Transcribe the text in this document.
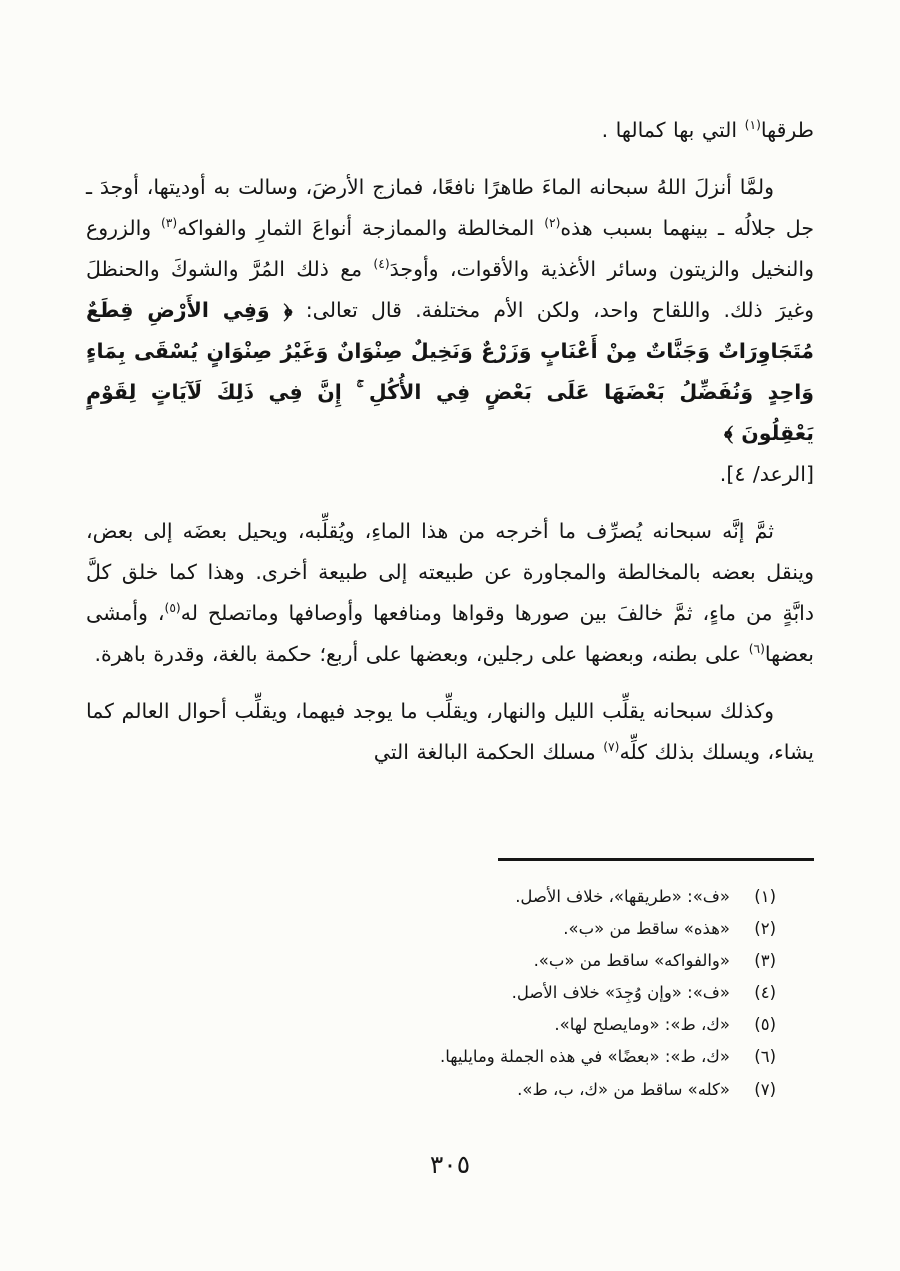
طرقها$^{(١)}$ التي بها كمالها .

ولمَّا أنزلَ اللهُ سبحانه الماءَ طاهرًا نافعًا، فمازج الأرضَ، وسالت به أوديتها، أوجدَ ـ جل جلالُه ـ بينهما بسبب هذه$^{(٢)}$ المخالطة والممازجة أنواعَ الثمارِ والفواكه$^{(٣)}$ والزروع والنخيل والزيتون وسائر الأغذية والأقوات، وأوجدَ$^{(٤)}$ مع ذلك المُرَّ والشوكَ والحنظلَ وغيرَ ذلك. واللقاح واحد، ولكن الأم مختلفة. قال تعالى: ﴿ وَفِي الأَرْضِ قِطَعٌ مُتَجَاوِرَاتٌ وَجَنَّاتٌ مِنْ أَعْنَابٍ وَزَرْعٌ وَنَخِيلٌ صِنْوَانٌ وَغَيْرُ صِنْوَانٍ يُسْقَى بِمَاءٍ وَاحِدٍ وَنُفَضِّلُ بَعْضَهَا عَلَى بَعْضٍ فِي الأُكُلِ ۚ إِنَّ فِي ذَلِكَ لَآيَاتٍ لِقَوْمٍ يَعْقِلُونَ ﴾
[الرعد/ ٤].

ثمَّ إنَّه سبحانه يُصرِّف ما أخرجه من هذا الماءِ، ويُقلِّبه، ويحيل بعضَه إلى بعض، وينقل بعضه بالمخالطة والمجاورة عن طبيعته إلى طبيعة أخرى. وهذا كما خلق كلَّ دابَّةٍ من ماءٍ، ثمَّ خالفَ بين صورها وقواها ومنافعها وأوصافها وماتصلح له$^{(٥)}$، وأمشى بعضها$^{(٦)}$ على بطنه، وبعضها على رجلين، وبعضها على أربع؛ حكمة بالغة، وقدرة باهرة.

وكذلك سبحانه يقلِّب الليل والنهار، ويقلِّب ما يوجد فيهما، ويقلِّب أحوال العالم كما يشاء، ويسلك بذلك كلِّه$^{(٧)}$ مسلك الحكمة البالغة التي

(١)
«ف»: «طريقها»، خلاف الأصل.
(٢)
«هذه» ساقط من «ب».
(٣)
«والفواكه» ساقط من «ب».
(٤)
«ف»: «وإن وُجِدَ» خلاف الأصل.
(٥)
«ك، ط»: «ومايصلح لها».
(٦)
«ك، ط»: «بعضًا» في هذه الجملة ومايليها.
(٧)
«كله» ساقط من «ك، ب، ط».
٣٠٥
